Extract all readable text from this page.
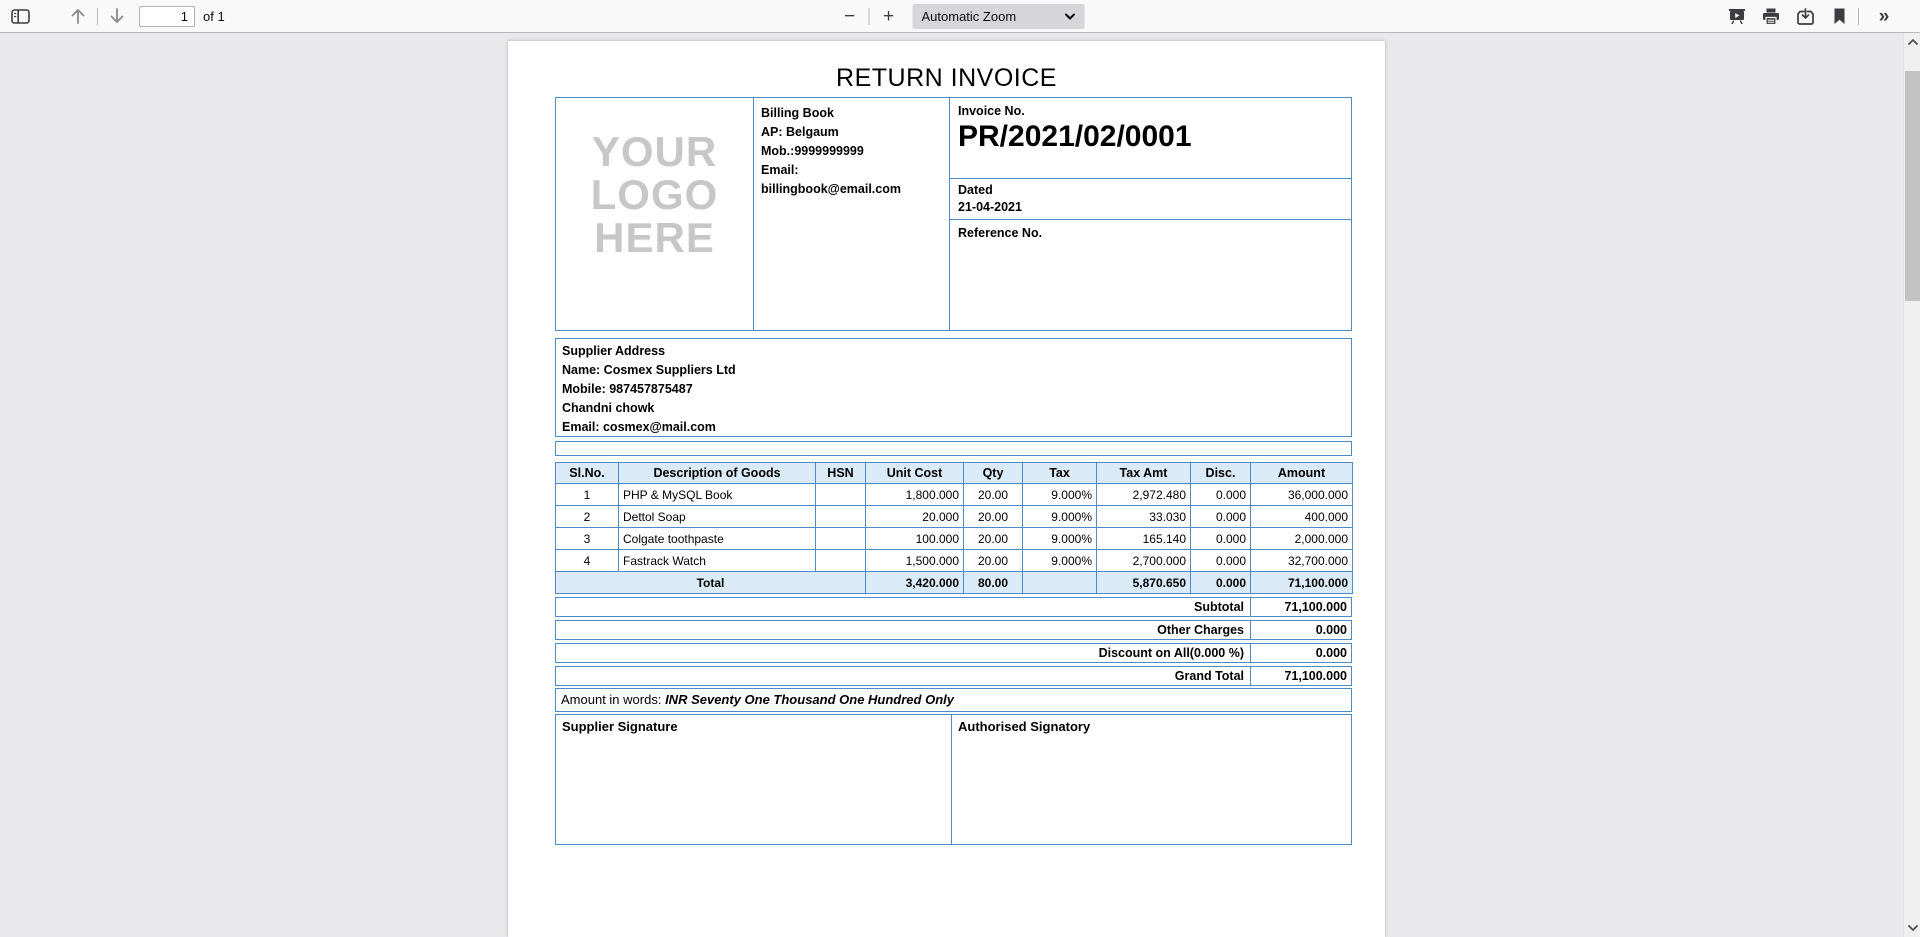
1
of 1	− + Automatic Zoom	»
RETURN INVOICE
YOUR
LOGO
HERE
Billing Book
AP: Belgaum
Mob.:9999999999
Email:
billingbook@email.com
Invoice No.
PR/2021/02/0001
Dated
21-04-2021
Reference No.
Supplier Address
Name: Cosmex Suppliers Ltd
Mobile: 987457875487
Chandni chowk
Email: cosmex@mail.com
Sl.No.	Description of Goods	HSN	Unit Cost	Qty	Tax	Tax Amt	Disc.	Amount
1	PHP & MySQL Book		1,800.000	20.00	9.000%	2,972.480	0.000	36,000.000
2	Dettol Soap		20.000	20.00	9.000%	33.030	0.000	400.000
3	Colgate toothpaste		100.000	20.00	9.000%	165.140	0.000	2,000.000
4	Fastrack Watch		1,500.000	20.00	9.000%	2,700.000	0.000	32,700.000
Total			3,420.000	80.00		5,870.650	0.000	71,100.000
Subtotal	71,100.000
Other Charges	0.000
Discount on All(0.000 %)	0.000
Grand Total	71,100.000
Amount in words: INR Seventy One Thousand One Hundred Only
Supplier Signature	Authorised Signatory
